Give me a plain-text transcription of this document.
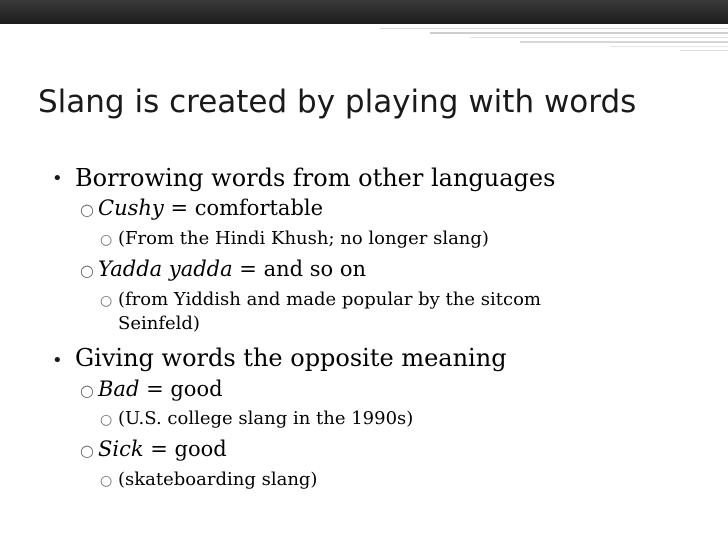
Slang is created by playing with words
• Borrowing words from other languages
○ Cushy = comfortable
○ (From the Hindi Khush; no longer slang)
○ Yadda yadda = and so on
○ (from Yiddish and made popular by the sitcom
Seinfeld)
• Giving words the opposite meaning
○ Bad = good
○ (U.S. college slang in the 1990s)
○ Sick = good
○ (skateboarding slang)
